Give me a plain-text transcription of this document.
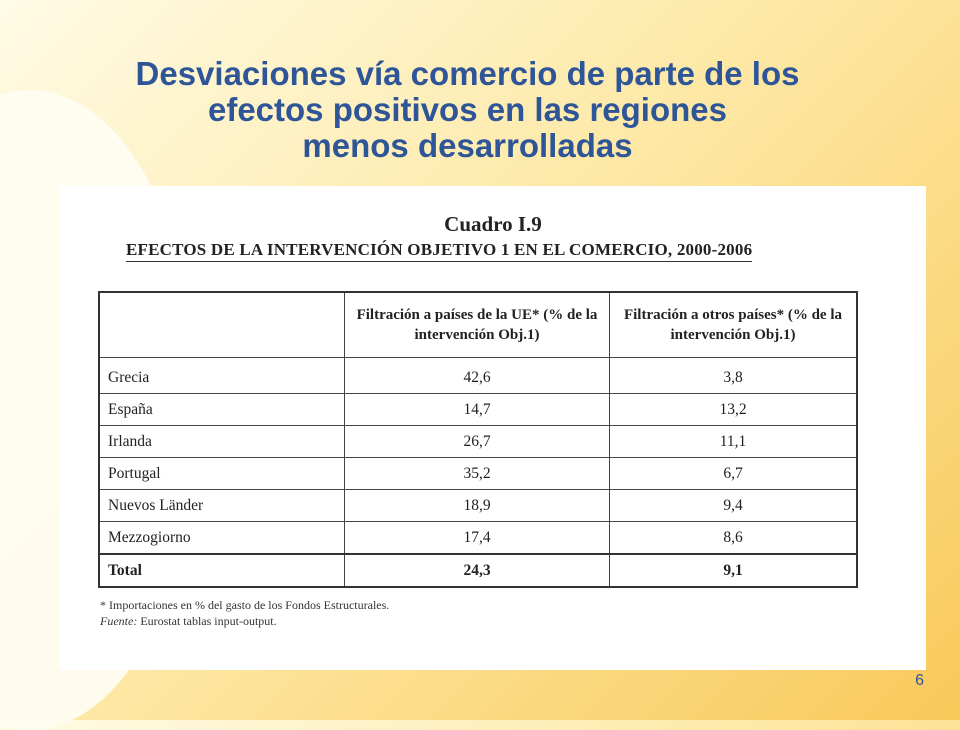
Desviaciones vía comercio de parte de los
efectos positivos en las regiones
menos desarrolladas
Cuadro I.9
EFECTOS DE LA INTERVENCIÓN OBJETIVO 1 EN EL COMERCIO, 2000-2006
	Filtración a países de la UE* (% de la intervención Obj.1)	Filtración a otros países* (% de la intervención Obj.1)
Grecia	42,6	3,8
España	14,7	13,2
Irlanda	26,7	11,1
Portugal	35,2	6,7
Nuevos Länder	18,9	9,4
Mezzogiorno	17,4	8,6
Total	24,3	9,1
* Importaciones en % del gasto de los Fondos Estructurales.
Fuente: Eurostat tablas input-output.
6
